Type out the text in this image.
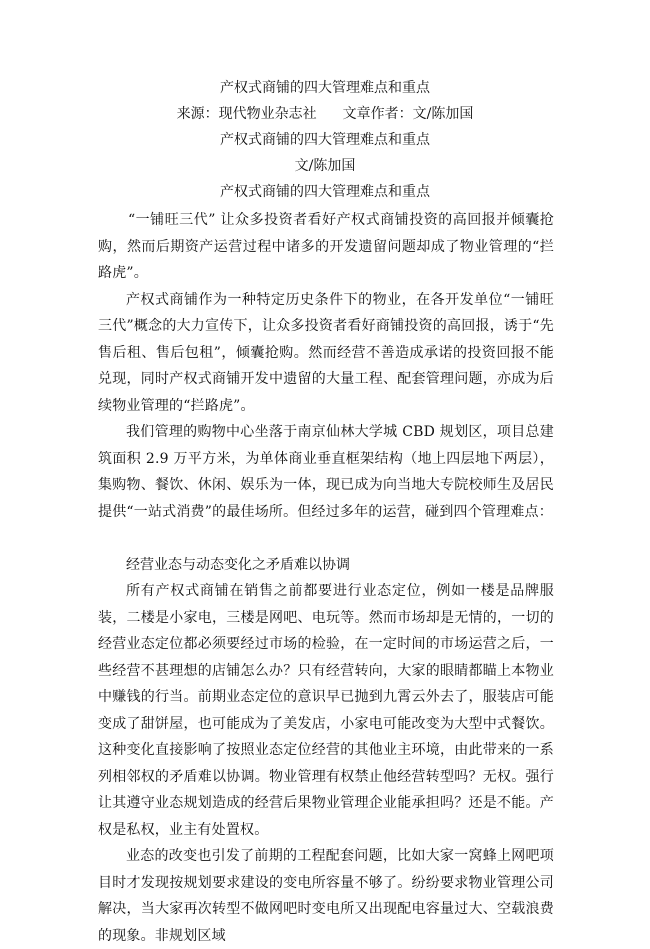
产权式商铺的四大管理难点和重点
来源：现代物业杂志社 文章作者：文/陈加国
产权式商铺的四大管理难点和重点
文/陈加国
产权式商铺的四大管理难点和重点

“一铺旺三代” 让众多投资者看好产权式商铺投资的高回报并倾囊抢购，然而后期资产运营过程中诸多的开发遗留问题却成了物业管理的“拦路虎”。

产权式商铺作为一种特定历史条件下的物业，在各开发单位“一铺旺三代”概念的大力宣传下，让众多投资者看好商铺投资的高回报，诱于“先售后租、售后包租”，倾囊抢购。然而经营不善造成承诺的投资回报不能兑现，同时产权式商铺开发中遗留的大量工程、配套管理问题，亦成为后续物业管理的“拦路虎”。

我们管理的购物中心坐落于南京仙林大学城 CBD 规划区，项目总建筑面积 2.9 万平方米，为单体商业垂直框架结构（地上四层地下两层），集购物、餐饮、休闲、娱乐为一体，现已成为向当地大专院校师生及居民提供“一站式消费”的最佳场所。但经过多年的运营，碰到四个管理难点：

经营业态与动态变化之矛盾难以协调

所有产权式商铺在销售之前都要进行业态定位，例如一楼是品牌服装，二楼是小家电，三楼是网吧、电玩等。然而市场却是无情的，一切的经营业态定位都必须要经过市场的检验，在一定时间的市场运营之后，一些经营不甚理想的店铺怎么办？只有经营转向，大家的眼睛都瞄上本物业中赚钱的行当。前期业态定位的意识早已抛到九霄云外去了，服装店可能变成了甜饼屋，也可能成为了美发店，小家电可能改变为大型中式餐饮。这种变化直接影响了按照业态定位经营的其他业主环境，由此带来的一系列相邻权的矛盾难以协调。物业管理有权禁止他经营转型吗？无权。强行让其遵守业态规划造成的经营后果物业管理企业能承担吗？还是不能。产权是私权，业主有处置权。

业态的改变也引发了前期的工程配套问题，比如大家一窝蜂上网吧项目时才发现按规划要求建设的变电所容量不够了。纷纷要求物业管理公司解决，当大家再次转型不做网吧时变电所又出现配电容量过大、空载浪费的现象。非规划区域
